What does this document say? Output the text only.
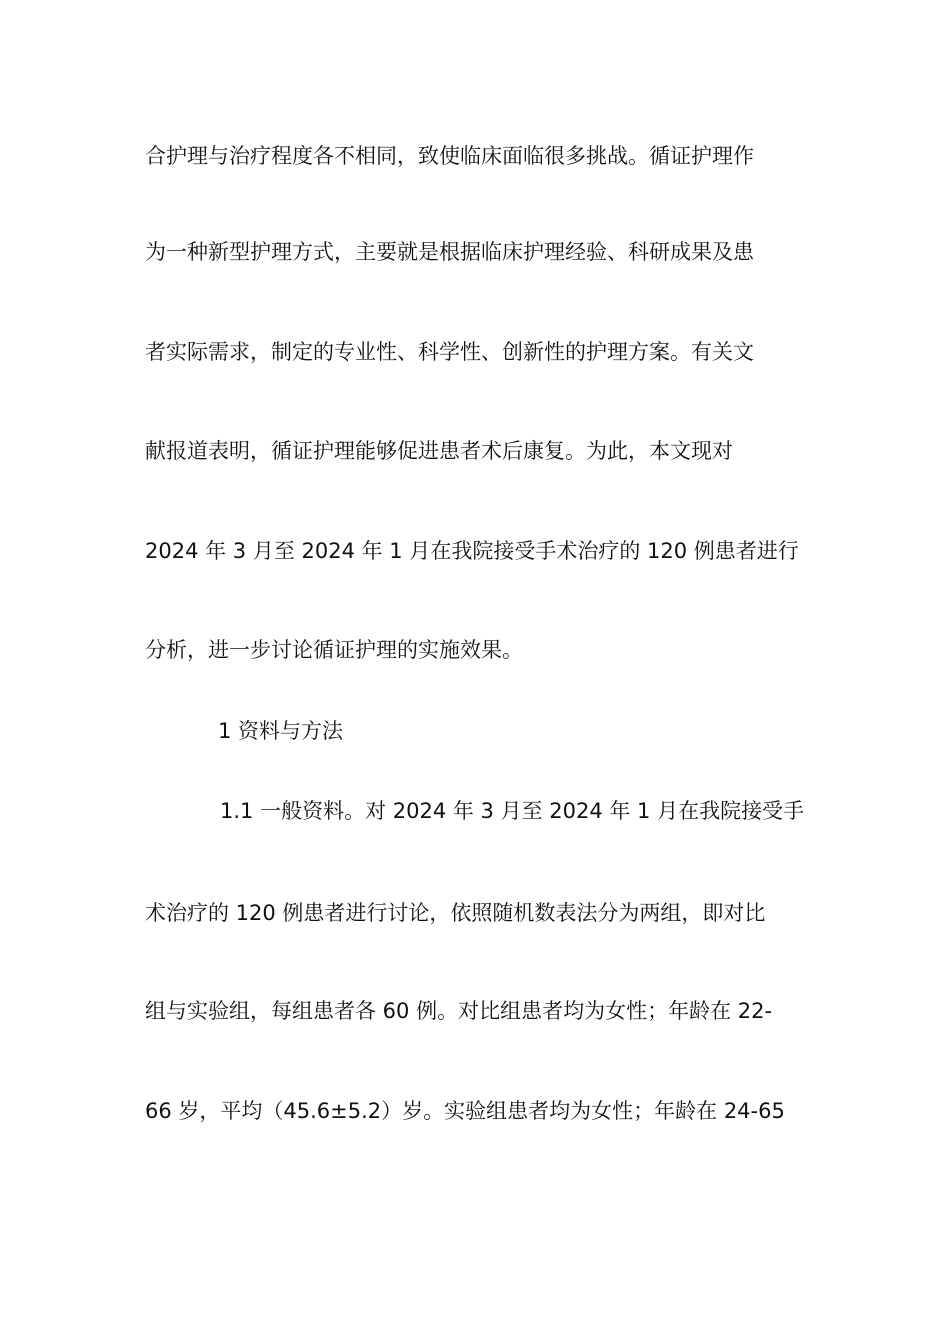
合护理与治疗程度各不相同，致使临床面临很多挑战。循证护理作
为一种新型护理方式，主要就是根据临床护理经验、科研成果及患
者实际需求，制定的专业性、科学性、创新性的护理方案。有关文
献报道表明，循证护理能够促进患者术后康复。为此，本文现对
2024 年 3 月至 2024 年 1 月在我院接受手术治疗的 120 例患者进行
分析，进一步讨论循证护理的实施效果。
1 资料与方法
1.1 一般资料。对 2024 年 3 月至 2024 年 1 月在我院接受手
术治疗的 120 例患者进行讨论，依照随机数表法分为两组，即对比
组与实验组，每组患者各 60 例。对比组患者均为女性；年龄在 22-
66 岁，平均（45.6±5.2）岁。实验组患者均为女性；年龄在 24-65
